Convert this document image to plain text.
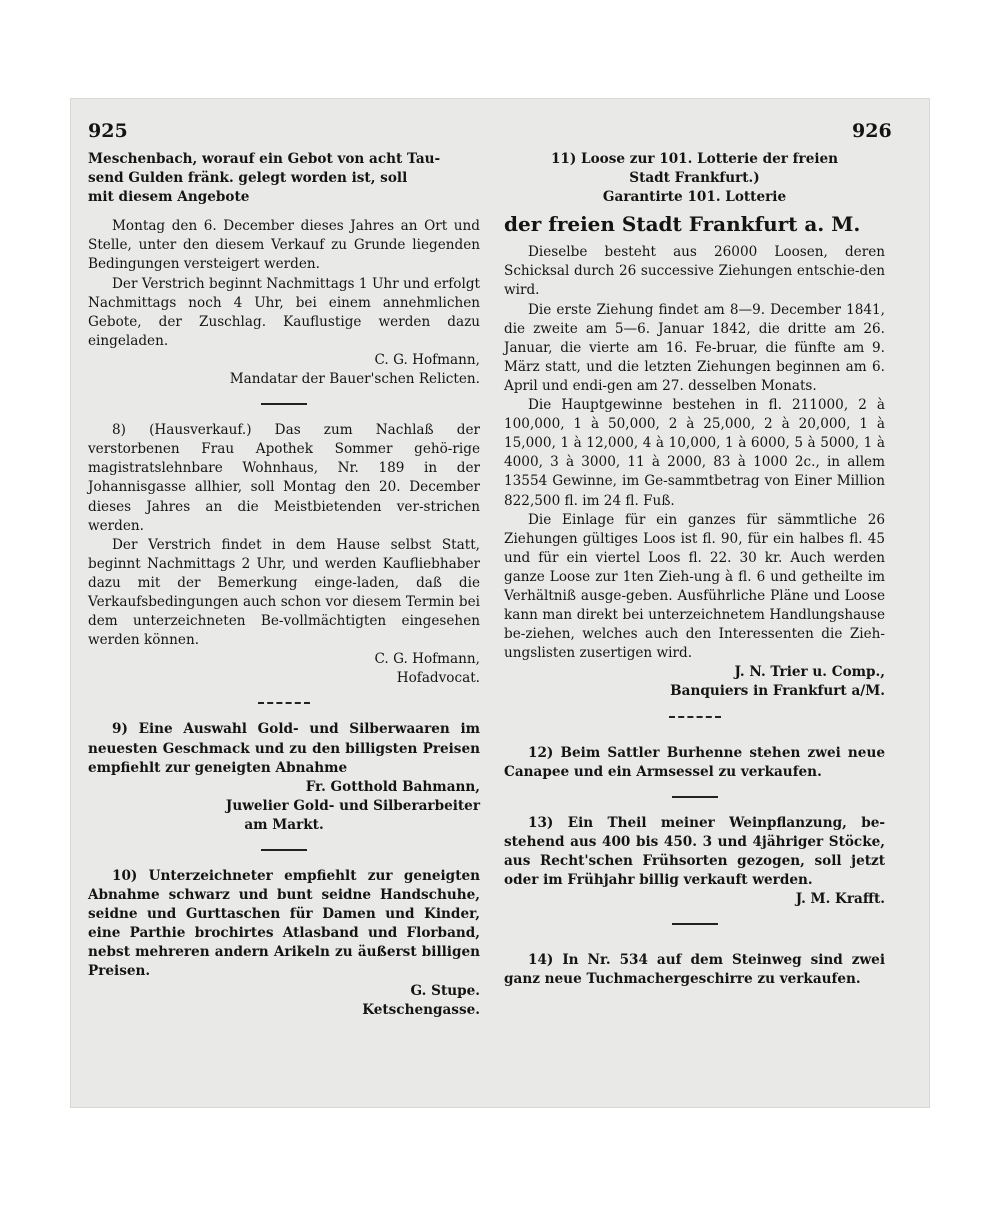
925	926

Meschenbach, worauf ein Gebot von acht Tau-

send Gulden fränk. gelegt worden ist, soll

mit diesem Angebote

Montag den 6. December dieses Jahres an Ort und Stelle, unter den diesem Verkauf zu Grunde liegenden Bedingungen versteigert werden.

Der Verstrich beginnt Nachmittags 1 Uhr und erfolgt Nachmittags noch 4 Uhr, bei einem annehmlichen Gebote, der Zuschlag. Kauflustige werden dazu eingeladen.

C. G. Hofmann,

Mandatar der Bauer'schen Relicten.

8) (Hausverkauf.) Das zum Nachlaß der verstorbenen Frau Apothek Sommer gehö-rige magistratslehnbare Wohnhaus, Nr. 189 in der Johannisgasse allhier, soll Montag den 20. December dieses Jahres an die Meistbietenden ver-strichen werden.

Der Verstrich findet in dem Hause selbst Statt, beginnt Nachmittags 2 Uhr, und werden Kaufliebhaber dazu mit der Bemerkung einge-laden, daß die Verkaufsbedingungen auch schon vor diesem Termin bei dem unterzeichneten Be-vollmächtigten eingesehen werden können.

C. G. Hofmann,

Hofadvocat.

9) Eine Auswahl Gold- und Silberwaaren im neuesten Geschmack und zu den billigsten Preisen empfiehlt zur geneigten Abnahme

Fr. Gotthold Bahmann,

Juwelier Gold- und Silberarbeiter

am Markt.

10) Unterzeichneter empfiehlt zur geneigten Abnahme schwarz und bunt seidne Handschuhe, seidne und Gurttaschen für Damen und Kinder, eine Parthie brochirtes Atlasband und Florband, nebst mehreren andern Arikeln zu äußerst billigen Preisen.

G. Stupe.

Ketschengasse.

11) Loose zur 101. Lotterie der freien

Stadt Frankfurt.)

Garantirte 101. Lotterie

der freien Stadt Frankfurt a. M.

Dieselbe besteht aus 26000 Loosen, deren Schicksal durch 26 successive Ziehungen entschie-den wird.

Die erste Ziehung findet am 8—9. December 1841, die zweite am 5—6. Januar 1842, die dritte am 26. Januar, die vierte am 16. Fe-bruar, die fünfte am 9. März statt, und die letzten Ziehungen beginnen am 6. April und endi-gen am 27. desselben Monats.

Die Hauptgewinne bestehen in fl. 211000, 2 à 100,000, 1 à 50,000, 2 à 25,000, 2 à 20,000, 1 à 15,000, 1 à 12,000, 4 à 10,000, 1 à 6000, 5 à 5000, 1 à 4000, 3 à 3000, 11 à 2000, 83 à 1000 2c., in allem 13554 Gewinne, im Ge-sammtbetrag von Einer Million 822,500 fl. im 24 fl. Fuß.

Die Einlage für ein ganzes für sämmtliche 26 Ziehungen gültiges Loos ist fl. 90, für ein halbes fl. 45 und für ein viertel Loos fl. 22. 30 kr. Auch werden ganze Loose zur 1ten Zieh-ung à fl. 6 und getheilte im Verhältniß ausge-geben. Ausführliche Pläne und Loose kann man direkt bei unterzeichnetem Handlungshause be-ziehen, welches auch den Interessenten die Zieh-ungslisten zusertigen wird.

J. N. Trier u. Comp.,

Banquiers in Frankfurt a/M.

12) Beim Sattler Burhenne stehen zwei neue Canapee und ein Armsessel zu verkaufen.

13) Ein Theil meiner Weinpflanzung, be-stehend aus 400 bis 450. 3 und 4jähriger Stöcke, aus Recht'schen Frühsorten gezogen, soll jetzt oder im Frühjahr billig verkauft werden.

J. M. Krafft.

14) In Nr. 534 auf dem Steinweg sind zwei ganz neue Tuchmachergeschirre zu verkaufen.
